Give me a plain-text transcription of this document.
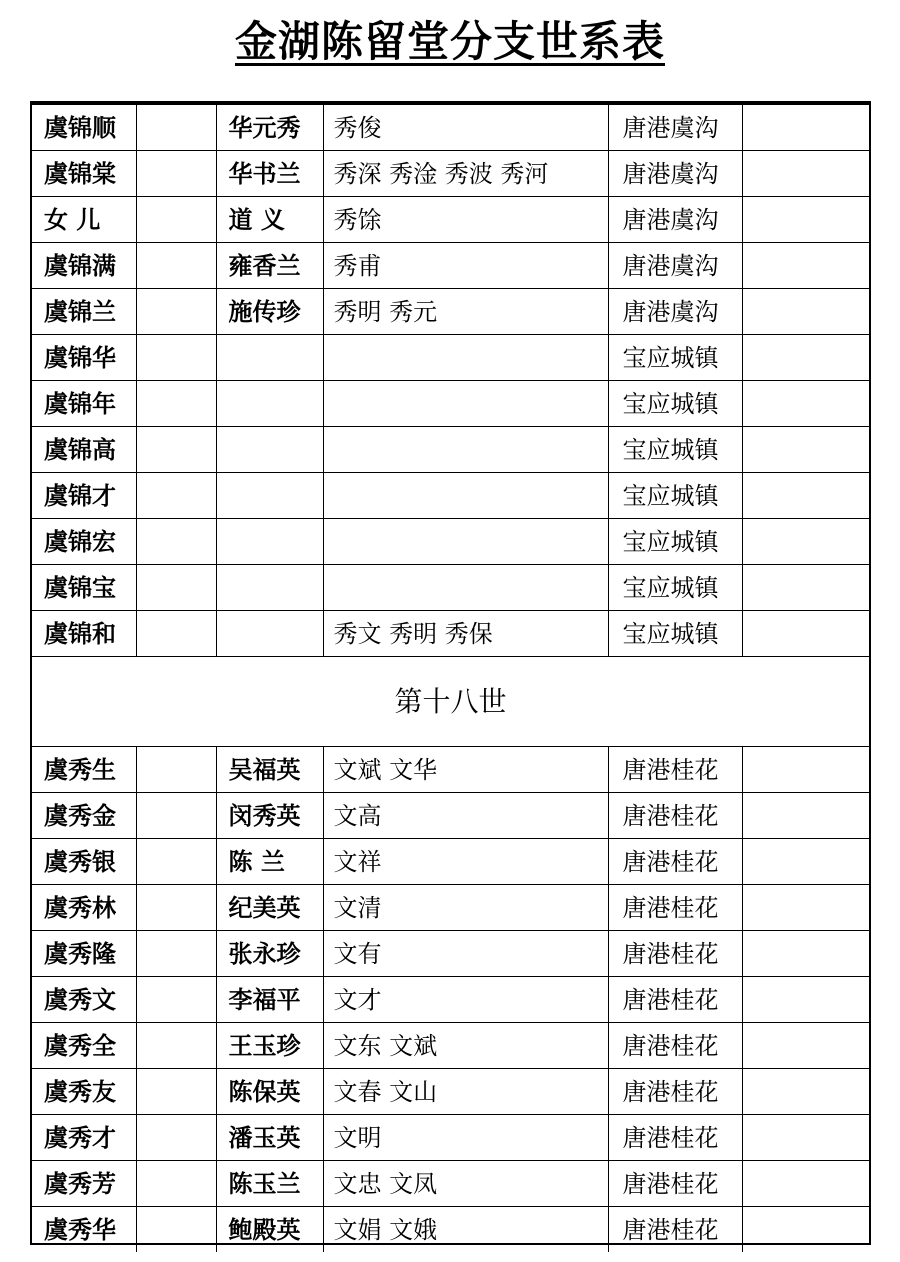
金湖陈留堂分支世系表
虞锦顺		华元秀	秀俊	唐港虞沟	
虞锦棠		华书兰	秀深 秀淦 秀波 秀河	唐港虞沟	
女 儿		道 义	秀馀	唐港虞沟	
虞锦满		雍香兰	秀甫	唐港虞沟	
虞锦兰		施传珍	秀明 秀元	唐港虞沟	
虞锦华				宝应城镇	
虞锦年				宝应城镇	
虞锦高				宝应城镇	
虞锦才				宝应城镇	
虞锦宏				宝应城镇	
虞锦宝				宝应城镇	
虞锦和			秀文 秀明 秀保	宝应城镇	
第十八世					
虞秀生		吴福英	文斌 文华	唐港桂花	
虞秀金		闵秀英	文高	唐港桂花	
虞秀银		陈 兰	文祥	唐港桂花	
虞秀林		纪美英	文清	唐港桂花	
虞秀隆		张永珍	文有	唐港桂花	
虞秀文		李福平	文才	唐港桂花	
虞秀全		王玉珍	文东 文斌	唐港桂花	
虞秀友		陈保英	文春 文山	唐港桂花	
虞秀才		潘玉英	文明	唐港桂花	
虞秀芳		陈玉兰	文忠 文凤	唐港桂花	
虞秀华		鲍殿英	文娟 文娥	唐港桂花	
